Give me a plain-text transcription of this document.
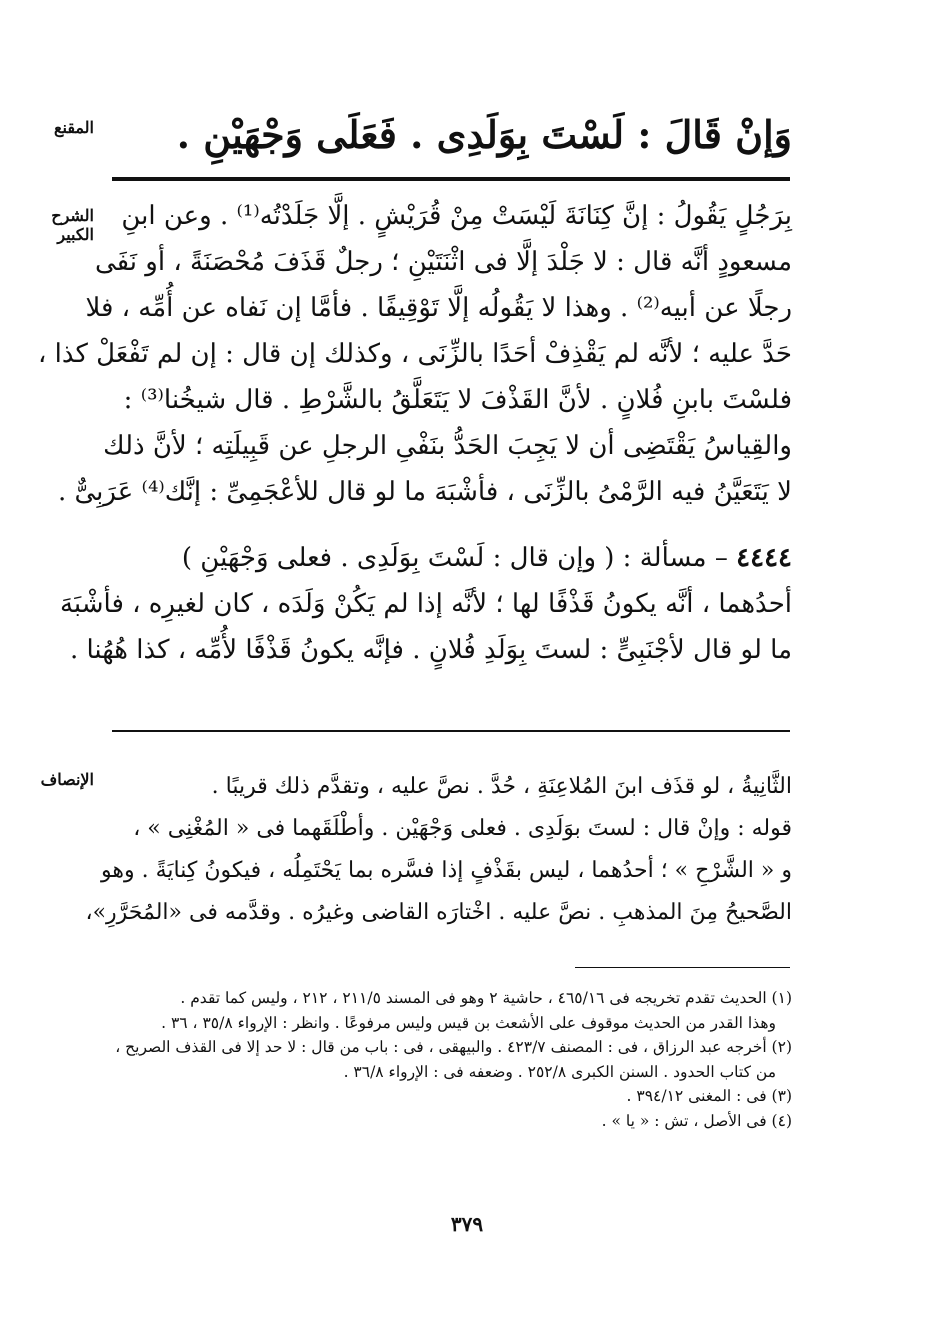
المقنع
الشرح الكبير
الإنصاف
وَإنْ قَالَ : لَسْتَ بِوَلَدِى . فَعَلَى وَجْهَيْنِ .
بِرَجُلٍ يَقُولُ : إنَّ كِنَانَةَ لَيْسَتْ مِنْ قُرَيْشٍ . إلَّا جَلَدْتُه⁽¹⁾ . وعن ابنِ
مسعودٍ أنَّه قال : لا جَلْدَ إلَّا فى اثْنَتَيْنِ ؛ رجلٌ قَذَفَ مُحْصَنَةً ، أو نَفَى
رجلًا عن أبيه⁽²⁾ . وهذا لا يَقُولُه إلَّا تَوْقِيفًا . فأمَّا إن نَفاه عن أُمِّه ، فلا
حَدَّ عليه ؛ لأنَّه لم يَقْذِفْ أحَدًا بالزِّنَى ، وكذلك إن قال : إن لم تَفْعَلْ كذا ،
فلسْتَ بابنِ فُلانٍ . لأنَّ القَذْفَ لا يَتَعَلَّقُ بالشَّرْطِ . قال شيخُنا⁽³⁾ :
والقِياسُ يَقْتَضِى أن لا يَجِبَ الحَدُّ بنَفْىِ الرجلِ عن قَبِيلَتِه ؛ لأنَّ ذلك
لا يَتَعَيَّنُ فيه الرَّمْىُ بالزِّنَى ، فأشْبَهَ ما لو قال للأعْجَمِىِّ : إنَّك⁽⁴⁾ عَرَبِىٌّ .
٤٤٤٤ – مسألة : ( وإن قال : لَسْتَ بِوَلَدِى . فعلى وَجْهَيْنِ )
أحدُهما ، أنَّه يكونُ قَذْفًا لها ؛ لأنَّه إذا لم يَكُنْ وَلَدَه ، كان لغيرِه ، فأشْبَهَ
ما لو قال لأجْنَبِىٍّ : لستَ بِوَلَدِ فُلانٍ . فإنَّه يكونُ قَذْفًا لأُمِّه ، كذا هُهُنا .
الثَّانِيةُ ، لو قذَف ابنَ المُلاعِنَةِ ، حُدَّ . نصَّ عليه ، وتقدَّم ذلك قريبًا .
قوله : وإنْ قال : لستَ بوَلَدِى . فعلى وَجْهَيْن . وأطْلَقَهما فى « المُغْنِى » ،
و « الشَّرْحِ » ؛ أحدُهما ، ليس بقَذْفٍ إذا فسَّره بما يَحْتَمِلُه ، فيكونُ كِنايَةً . وهو
الصَّحيحُ مِنَ المذهبِ . نصَّ عليه . اخْتارَه القاضى وغيرُه . وقدَّمه فى «المُحَرَّرِ»،
(١) الحديث تقدم تخريجه فى ٤٦٥/١٦ ، حاشية ٢ وهو فى المسند ٢١١/٥ ، ٢١٢ ، وليس كما تقدم .
وهذا القدر من الحديث موقوف على الأشعث بن قيس وليس مرفوعًا . وانظر : الإرواء ٣٥/٨ ، ٣٦ .
(٢) أخرجه عبد الرزاق ، فى : المصنف ٤٢٣/٧ . والبيهقى ، فى : باب من قال : لا حد إلا فى القذف الصريح ،
من كتاب الحدود . السنن الكبرى ٢٥٢/٨ . وضعفه فى : الإرواء ٣٦/٨ .
(٣) فى : المغنى ٣٩٤/١٢ .
(٤) فى الأصل ، تش : « يا » .
٣٧٩
